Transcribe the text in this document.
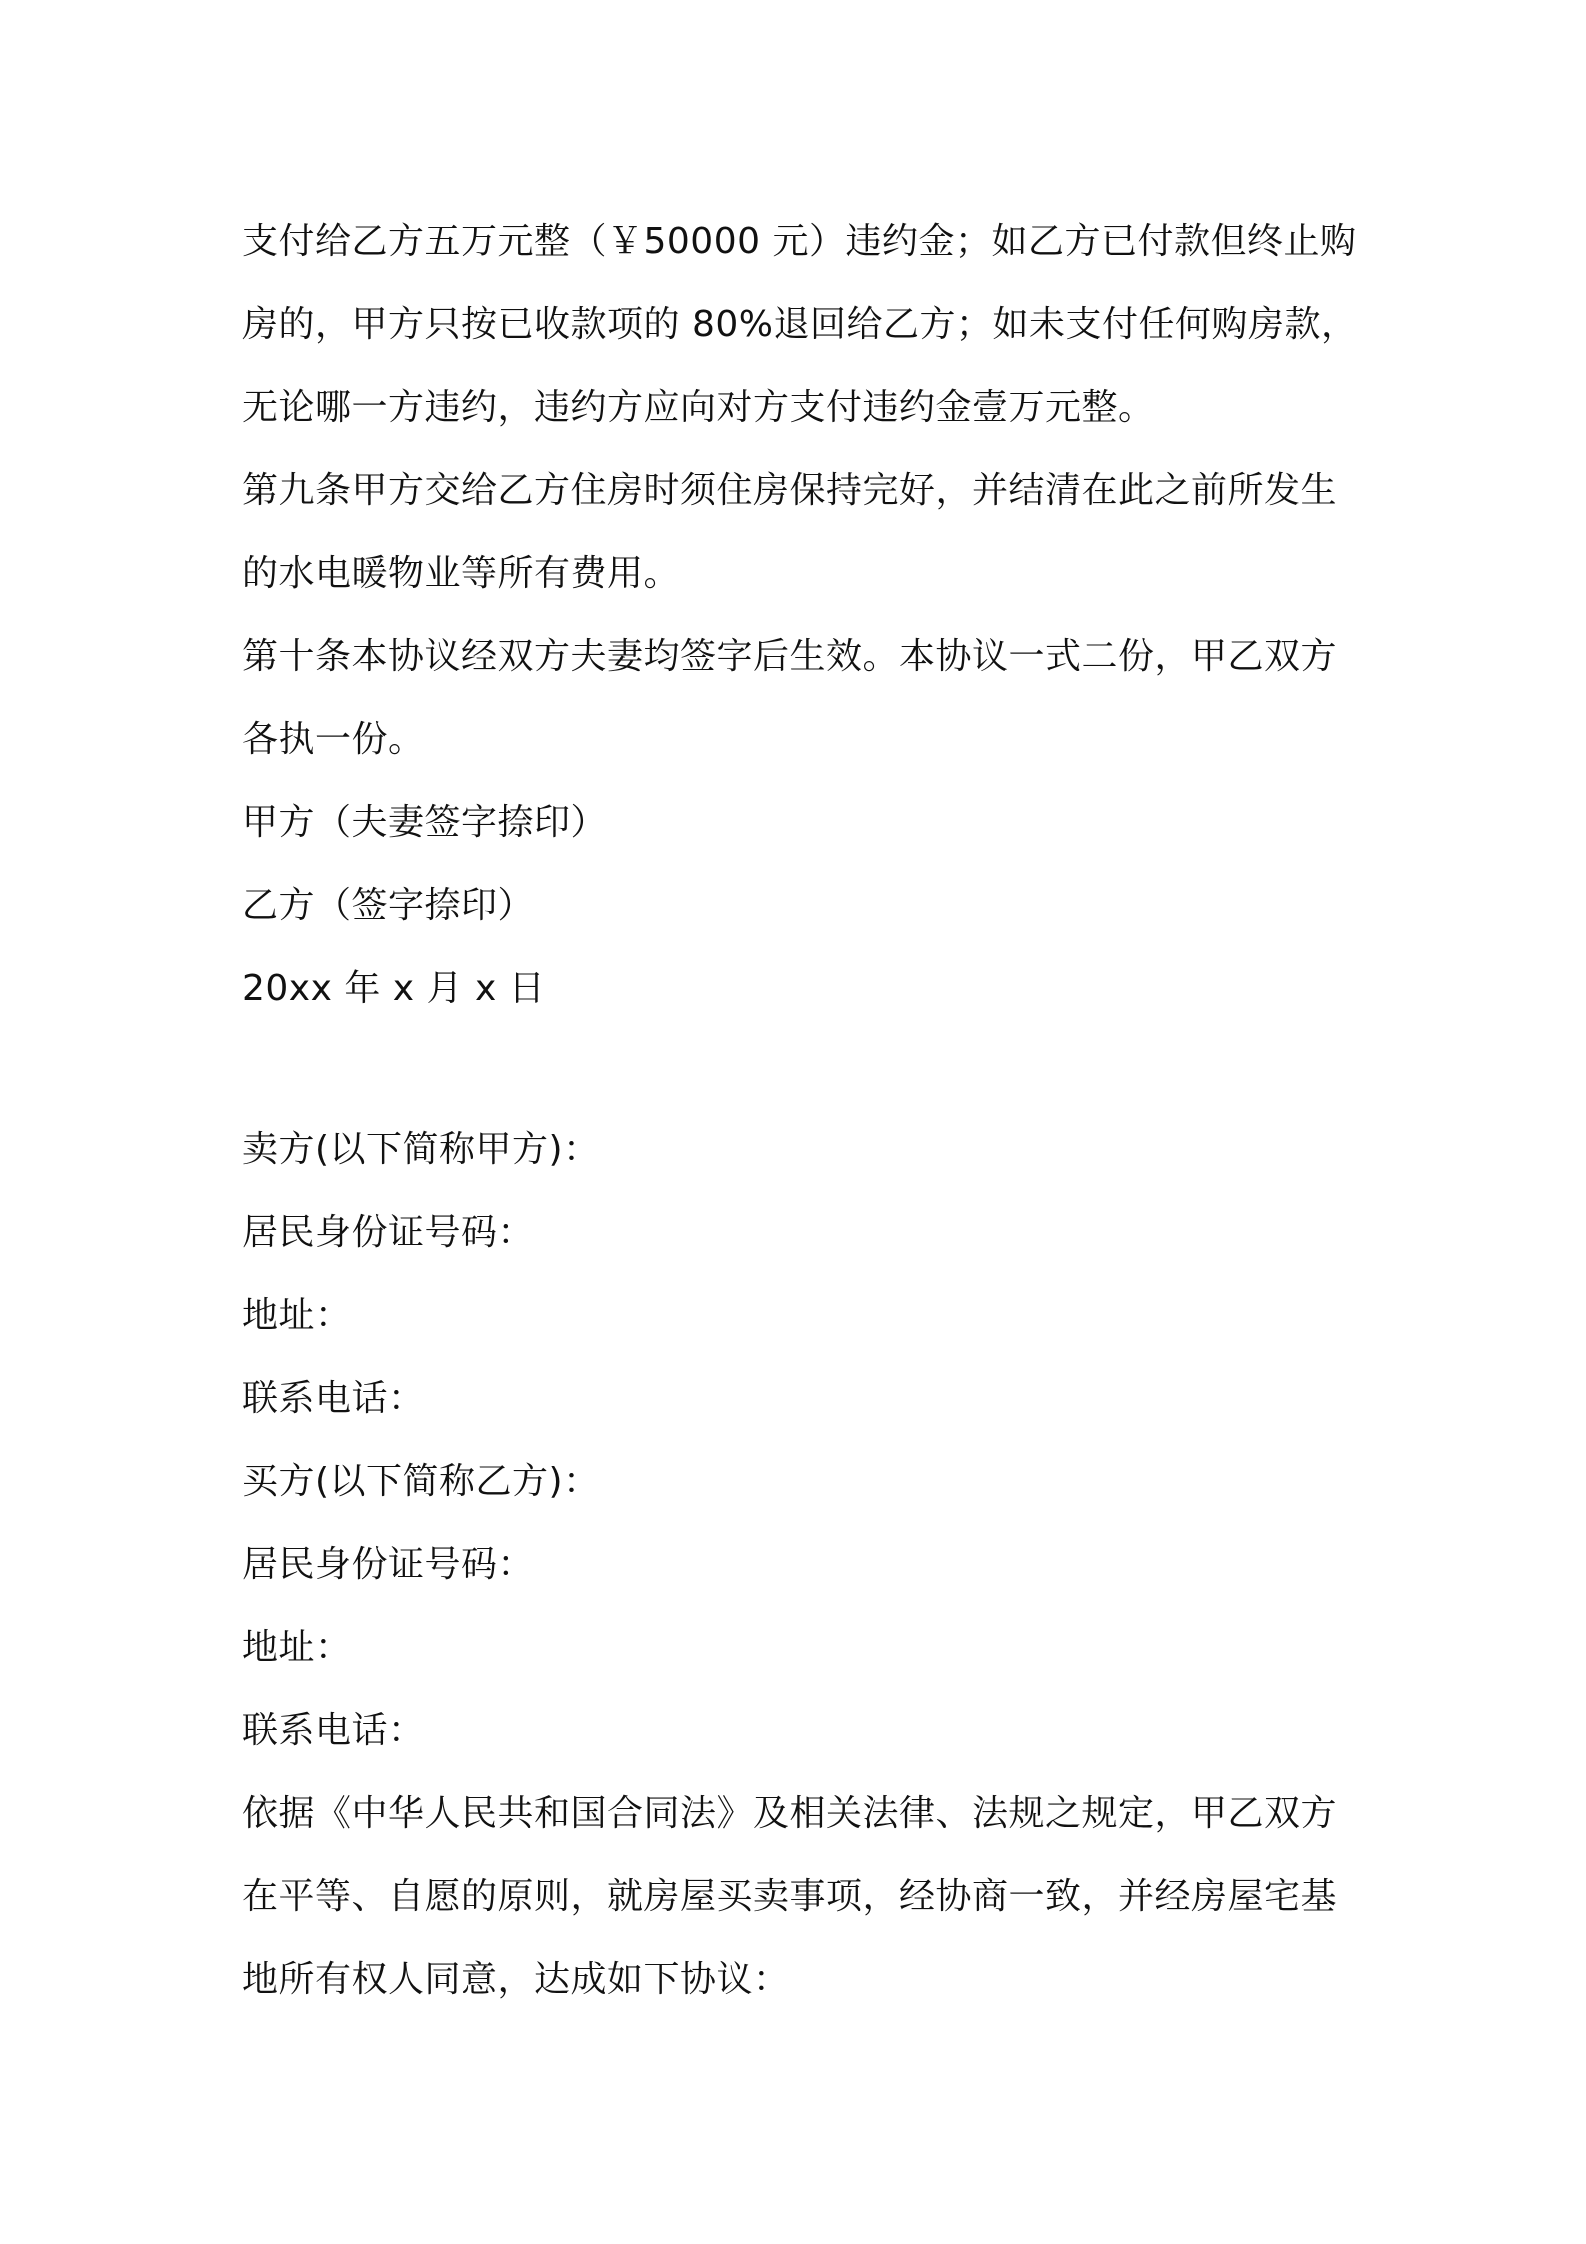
支付给乙方五万元整（￥50000 元）违约金；如乙方已付款但终止购
房的，甲方只按已收款项的 80%退回给乙方；如未支付任何购房款，
无论哪一方违约，违约方应向对方支付违约金壹万元整。
第九条甲方交给乙方住房时须住房保持完好，并结清在此之前所发生
的水电暖物业等所有费用。
第十条本协议经双方夫妻均签字后生效。本协议一式二份，甲乙双方
各执一份。
甲方（夫妻签字捺印）
乙方（签字捺印）
20xx 年 x 月 x 日
卖方(以下简称甲方)：
居民身份证号码：
地址：
联系电话：
买方(以下简称乙方)：
居民身份证号码：
地址：
联系电话：
依据《中华人民共和国合同法》及相关法律、法规之规定，甲乙双方
在平等、自愿的原则，就房屋买卖事项，经协商一致，并经房屋宅基
地所有权人同意，达成如下协议：
